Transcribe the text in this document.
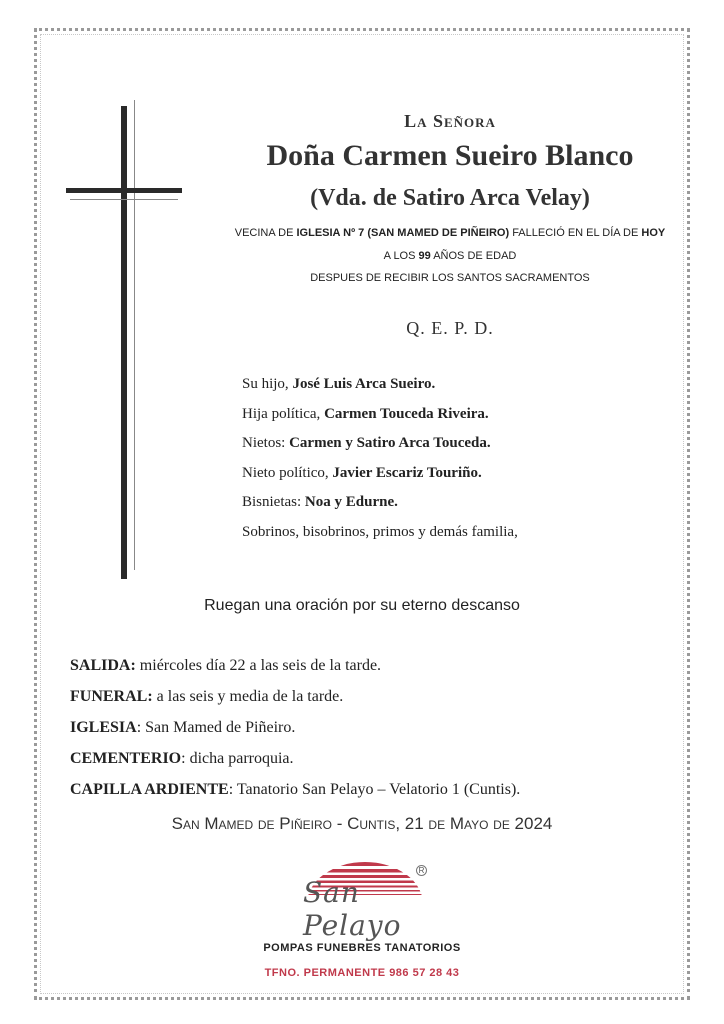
La Señora
Doña Carmen Sueiro Blanco
(Vda. de Satiro Arca Velay)
VECINA DE IGLESIA Nº 7 (SAN MAMED DE PIÑEIRO) FALLECIÓ EN EL DÍA DE HOY
A LOS 99 AÑOS DE EDAD
DESPUES DE RECIBIR LOS SANTOS SACRAMENTOS
Q. E. P. D.
Su hijo, José Luis Arca Sueiro.
Hija política, Carmen Touceda Riveira.
Nietos: Carmen y Satiro Arca Touceda.
Nieto político, Javier Escariz Touriño.
Bisnietas: Noa y Edurne.
Sobrinos, bisobrinos, primos y demás familia,
Ruegan una oración por su eterno descanso
SALIDA: miércoles día 22 a las seis de la tarde.
FUNERAL: a las seis y media de la tarde.
IGLESIA: San Mamed de Piñeiro.
CEMENTERIO: dicha parroquia.
CAPILLA ARDIENTE: Tanatorio San Pelayo – Velatorio 1 (Cuntis).
San Mamed de Piñeiro - Cuntis, 21 de Mayo de 2024
San Pelayo
R
POMPAS FUNEBRES TANATORIOS
TFNO. PERMANENTE 986 57 28 43
